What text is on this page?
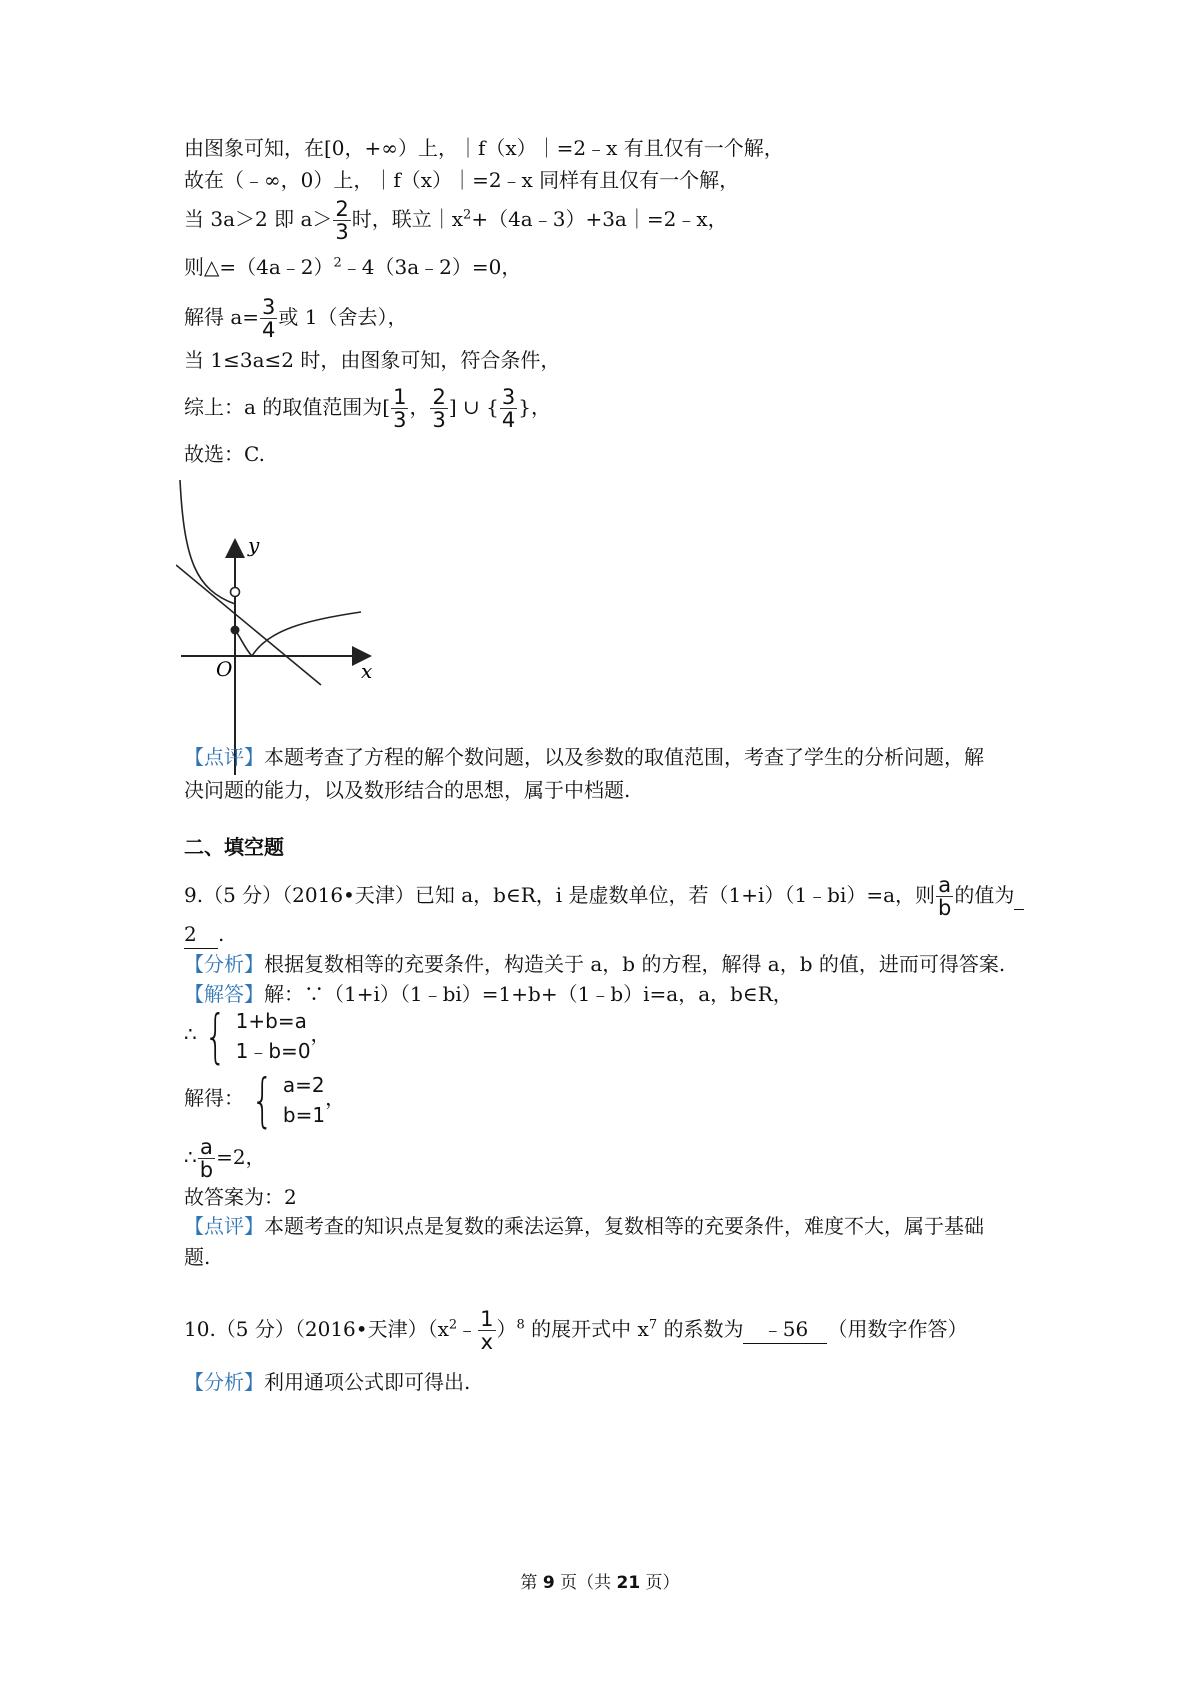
由图象可知，在[0，+∞）上，｜f（x）｜=2﹣x 有且仅有一个解，
故在（﹣∞，0）上，｜f（x）｜=2﹣x 同样有且仅有一个解，
当 3a＞2 即 $a> \frac{2}{3}$ 时，联立$|x^2+(4a﹣3)+3a|=2﹣x$，
则△=（4a﹣2）$^2$﹣4（3a﹣2）=0，
解得 $a= \frac{3}{4}$ 或 1（舍去），
当 1≤3a≤2 时，由图象可知，符合条件，
综上：a 的取值范围为[ $\frac{1}{3}$ ， $\frac{2}{3}$ ] ∪ { $\frac{3}{4}$ }，
故选：C.
y
x
O
【点评】本题考查了方程的解个数问题，以及参数的取值范围，考查了学生的分析问题，解
决问题的能力，以及数形结合的思想，属于中档题.
二、填空题
9.（5 分）（2016•天津）已知 a，b∈R，i 是虚数单位，若（1+i）（1﹣bi）=a，则 $\frac{a}{b}$ 的值为
2 .
【分析】根据复数相等的充要条件，构造关于 a，b 的方程，解得 a，b 的值，进而可得答案.
【解答】解：∵（1+i）（1﹣bi）=1+b+（1﹣b）i=a，a，b∈R，
∴ { 1+b=a
1﹣b=0
，
解得： { a=2
b=1
，
∴ $\frac{a}{b} =2$，
故答案为：2
【点评】本题考查的知识点是复数的乘法运算，复数相等的充要条件，难度不大，属于基础
题.
10.（5 分）（2016•天津）$(x^2﹣ \frac{1}{x} )^8$ 的展开式中 $x^7$ 的系数为 ﹣56 （用数字作答）
【分析】利用通项公式即可得出.
第 9 页（共 21 页）
